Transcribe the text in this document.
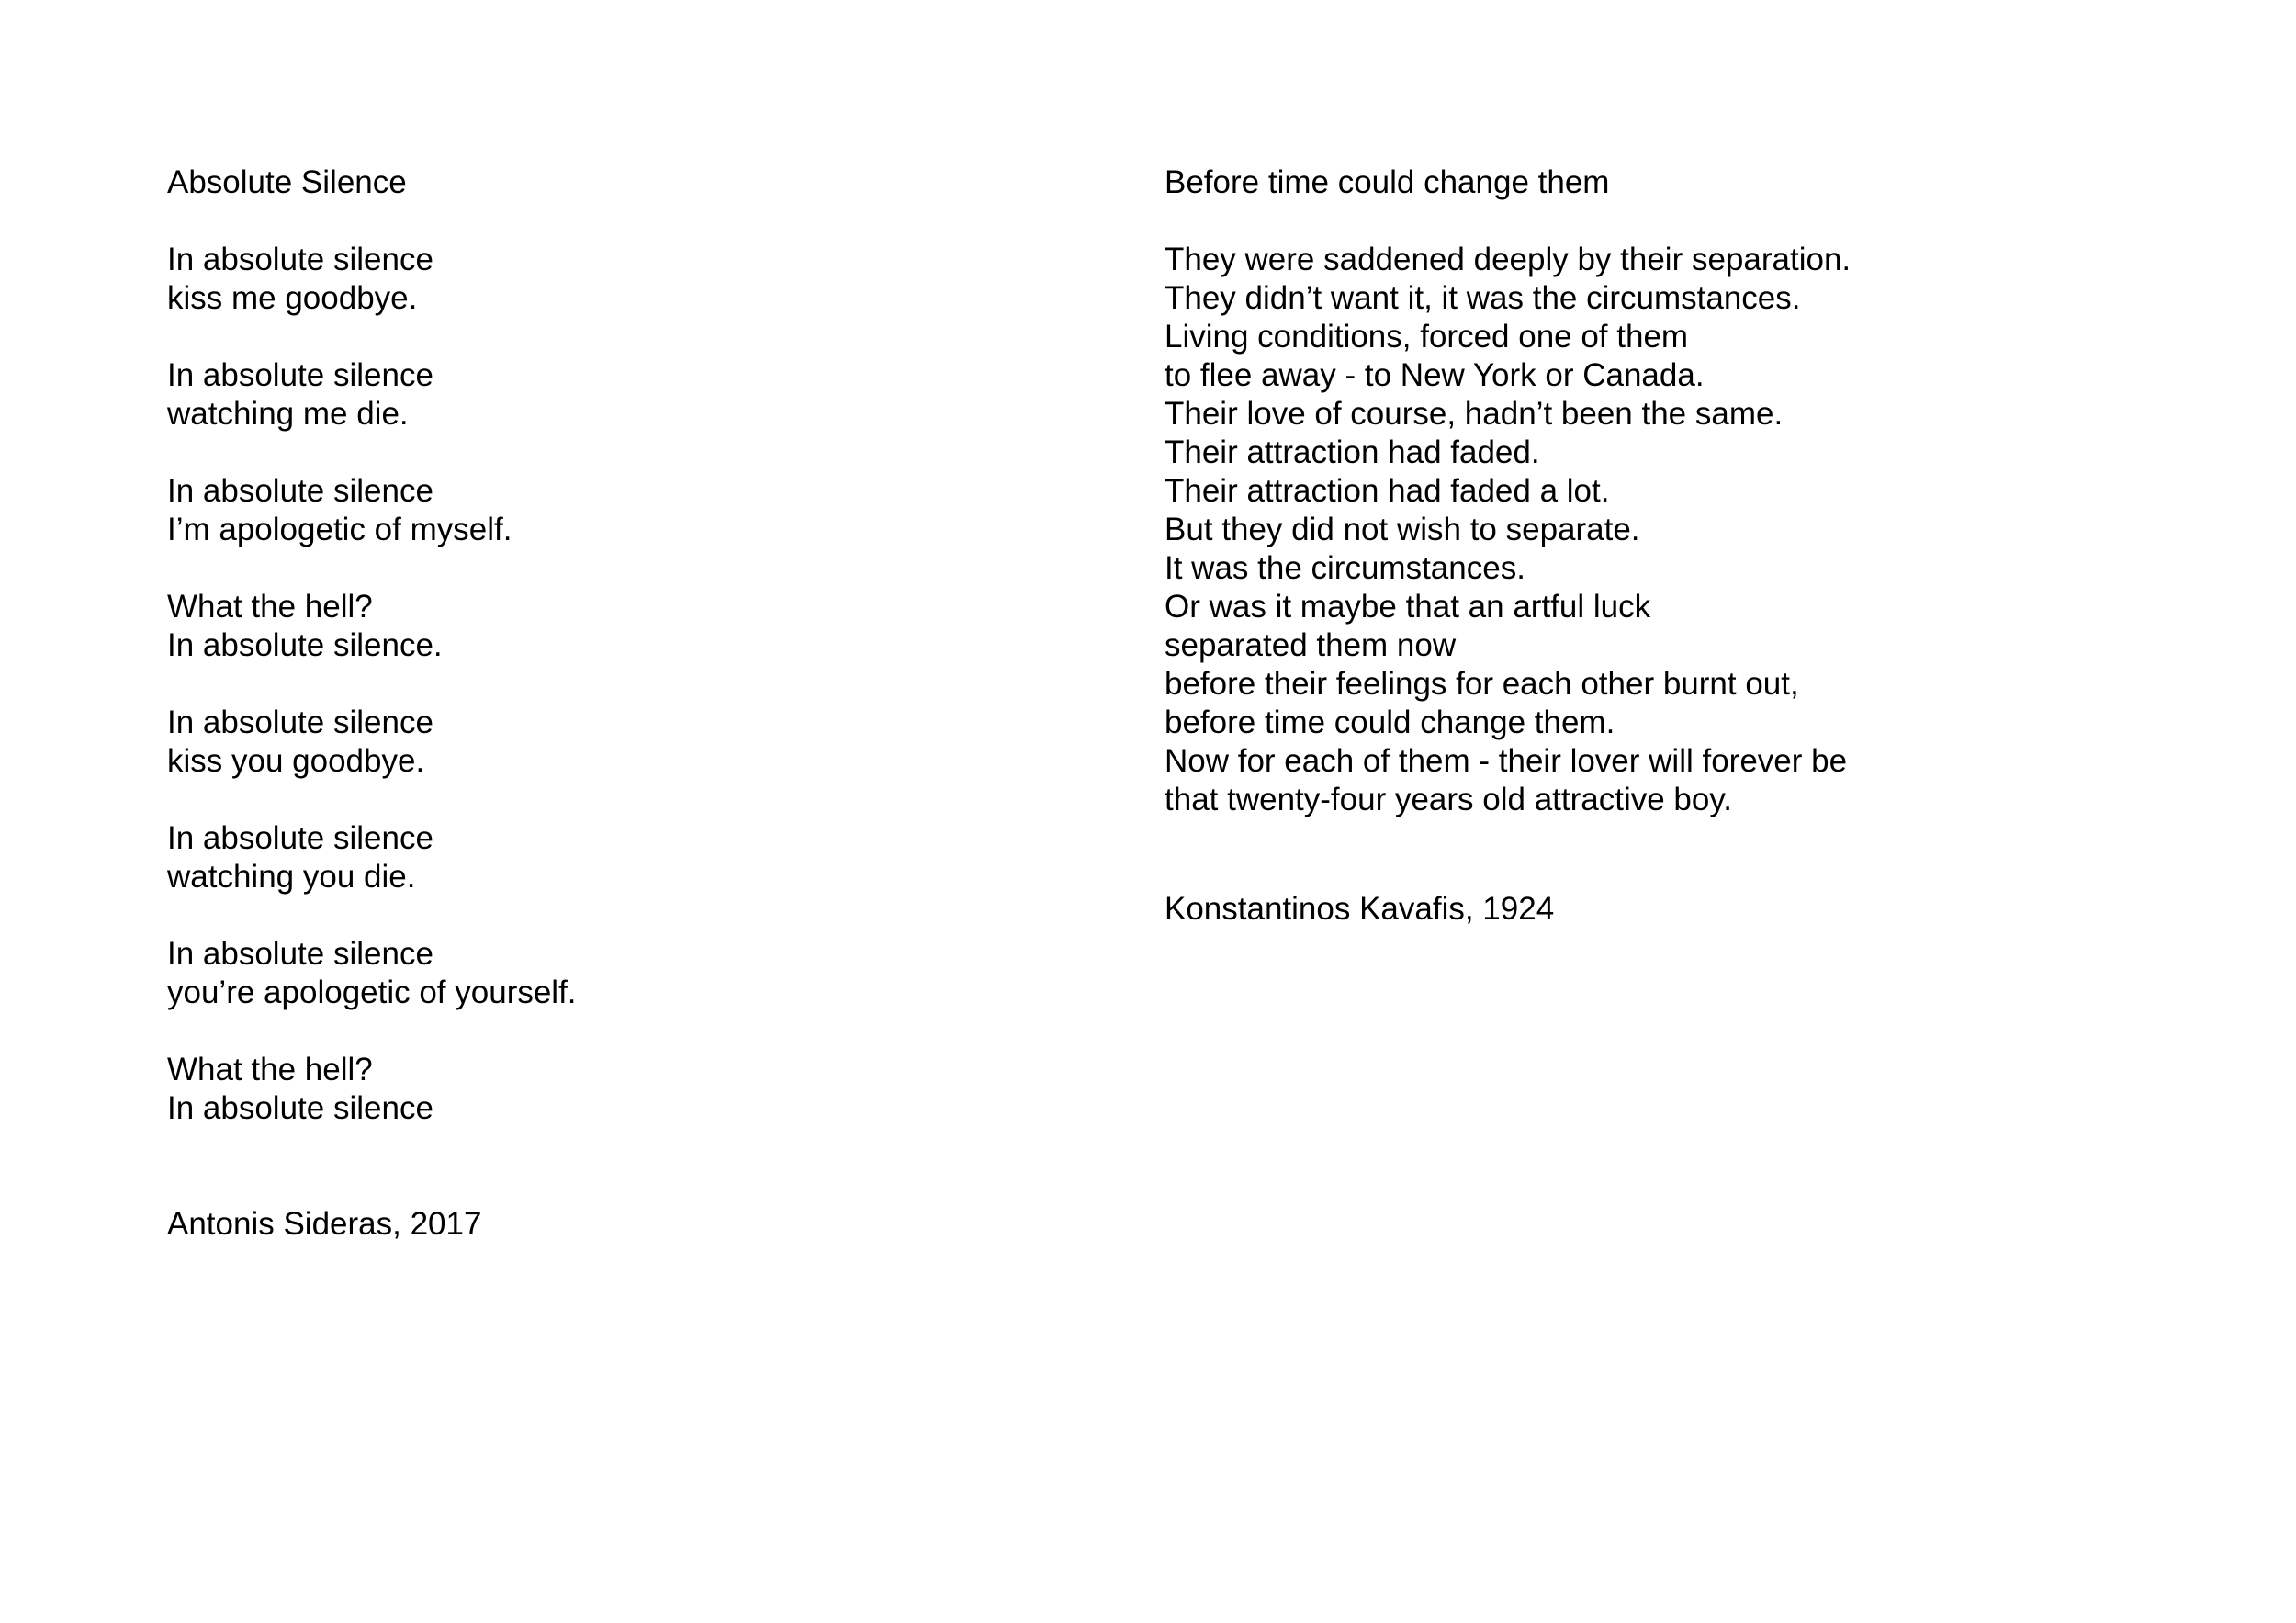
Absolute Silence
In absolute silence
kiss me goodbye.
In absolute silence
watching me die.
In absolute silence
I’m apologetic of myself.
What the hell?
In absolute silence.
In absolute silence
kiss you goodbye.
In absolute silence
watching you die.
In absolute silence
you’re apologetic of yourself.
What the hell?
In absolute silence
Antonis Sideras, 2017
Before time could change them
They were saddened deeply by their separation.
They didn’t want it, it was the circumstances.
Living conditions, forced one of them
to flee away - to New York or Canada.
Their love of course, hadn’t been the same.
Their attraction had faded.
Their attraction had faded a lot.
But they did not wish to separate.
It was the circumstances.
Or was it maybe that an artful luck
separated them now
before their feelings for each other burnt out,
before time could change them.
Now for each of them - their lover will forever be
that twenty-four years old attractive boy.
Konstantinos Kavafis, 1924
